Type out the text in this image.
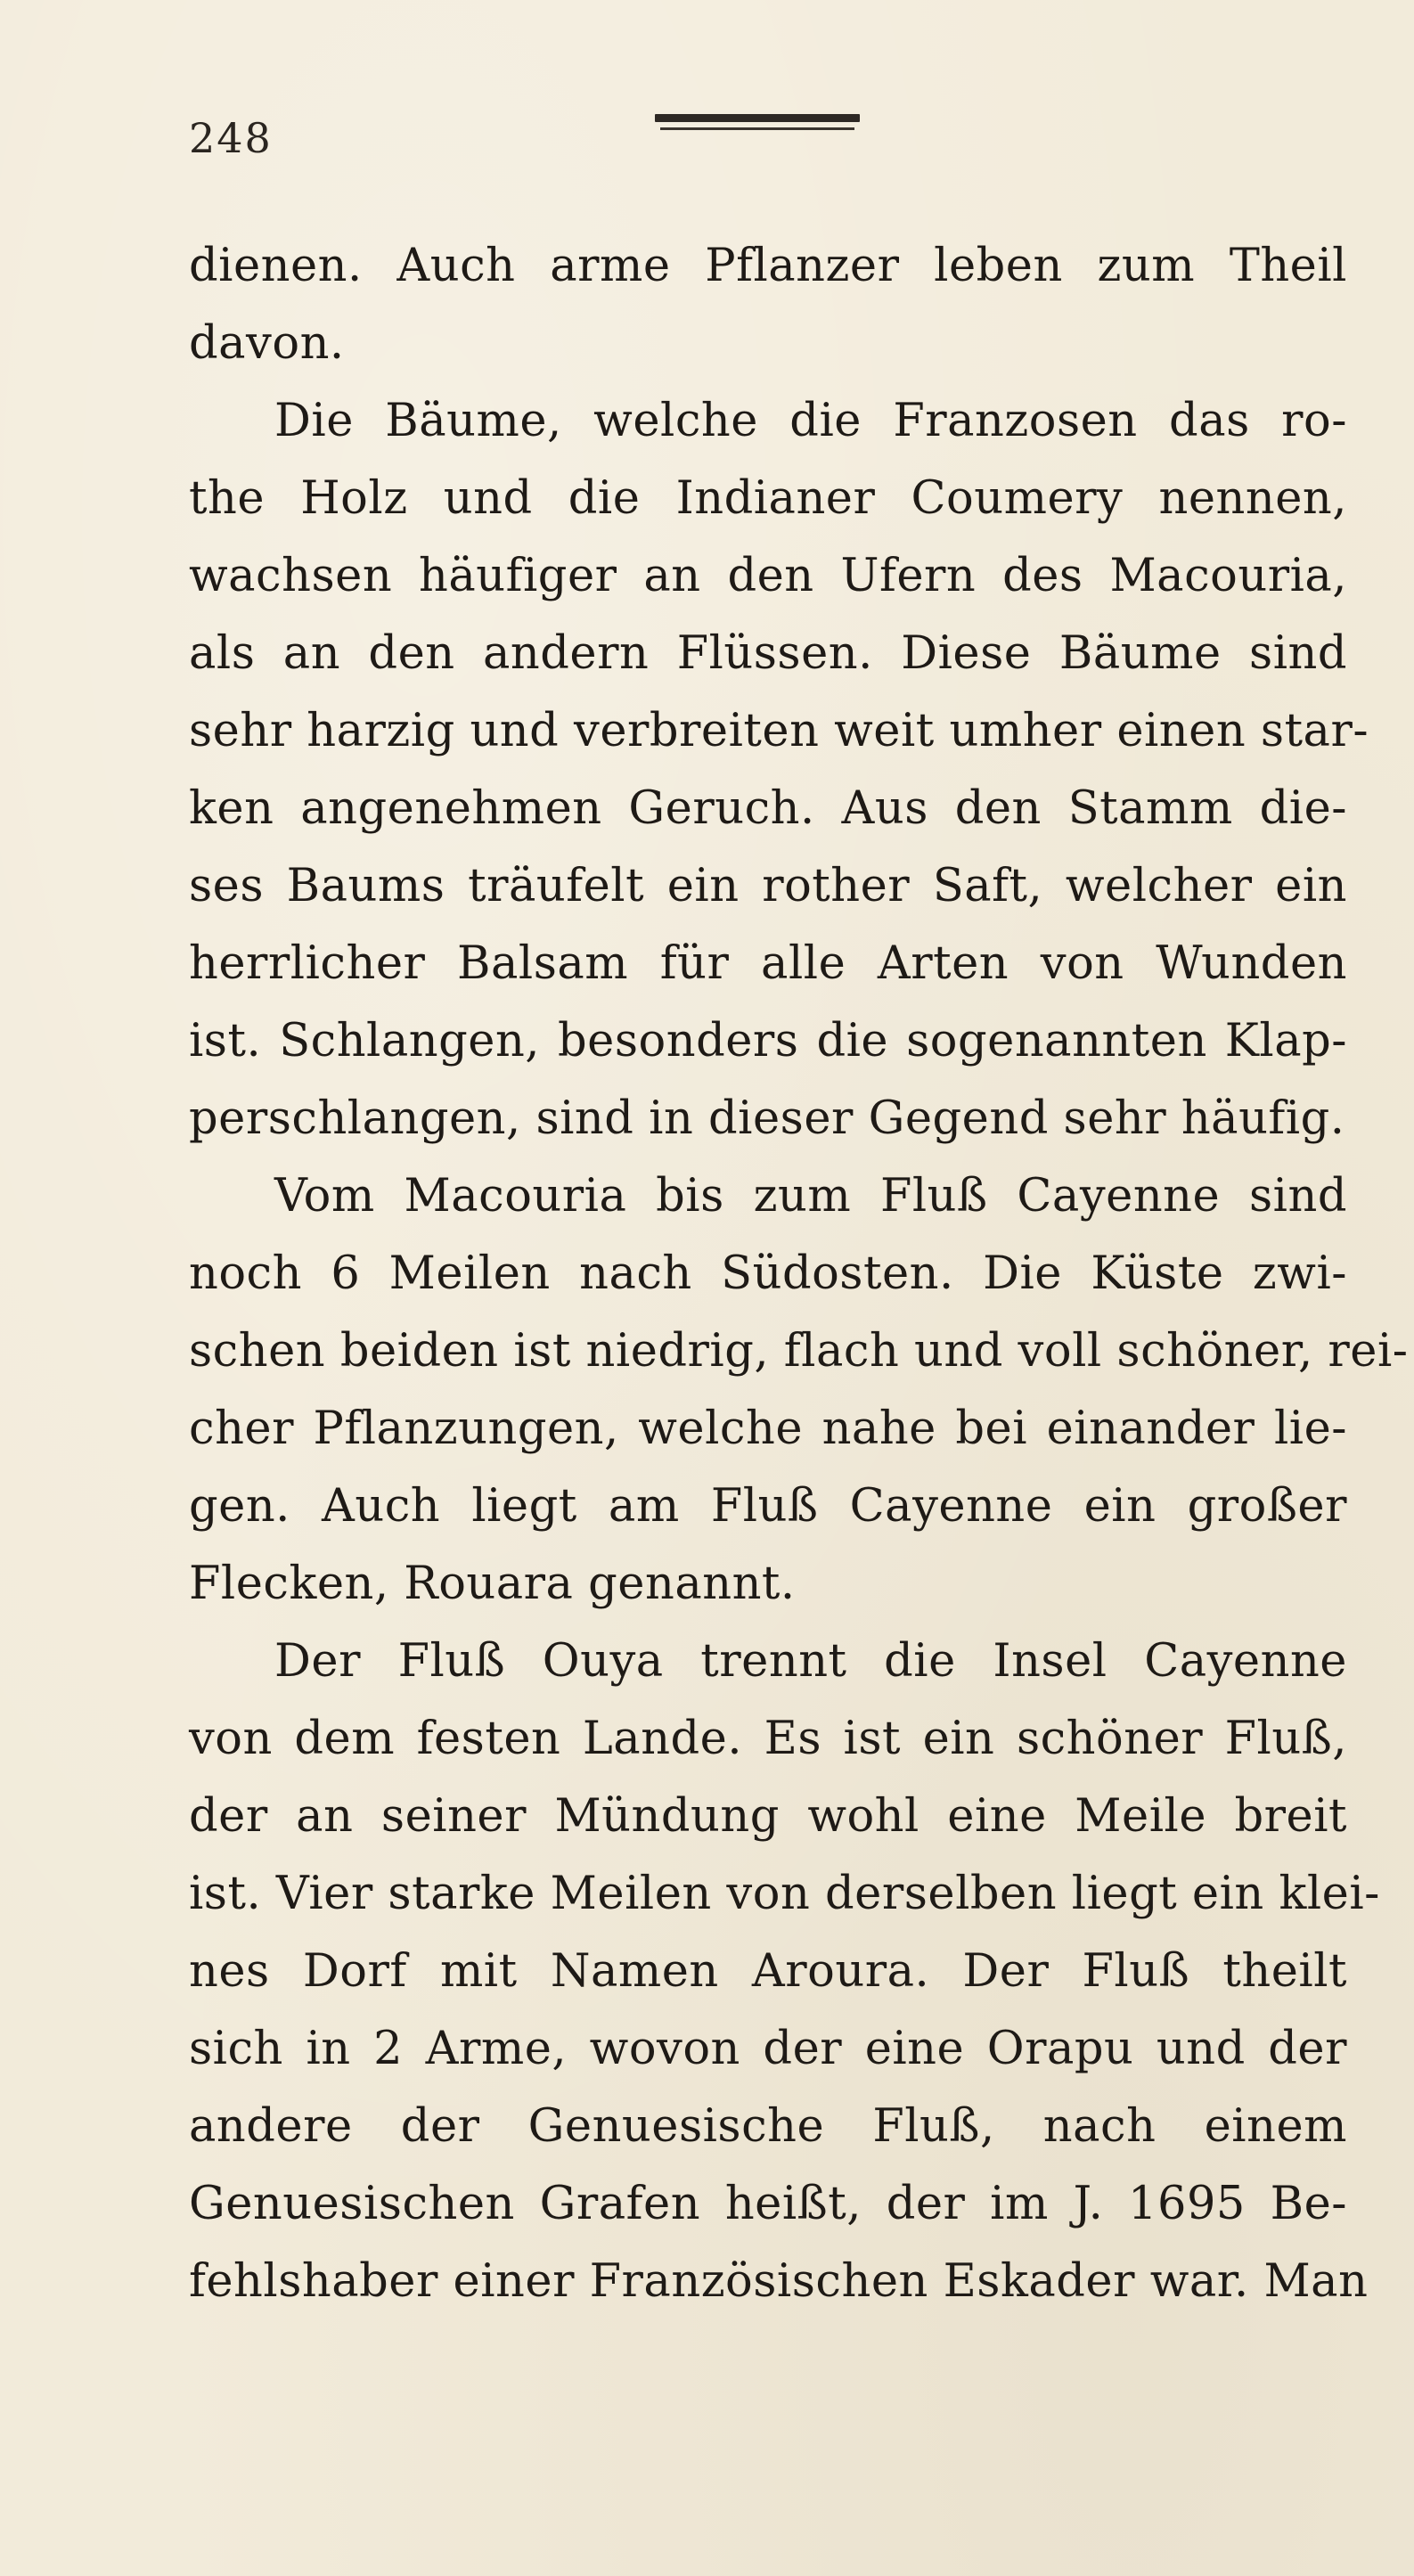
248
dienen. Auch arme Pflanzer leben zum Theil
davon.
Die Bäume, welche die Franzosen das ro-
the Holz und die Indianer Coumery nennen,
wachsen häufiger an den Ufern des Macouria,
als an den andern Flüssen. Diese Bäume sind
sehr harzig und verbreiten weit umher einen star-
ken angenehmen Geruch. Aus den Stamm die-
ses Baums träufelt ein rother Saft, welcher ein
herrlicher Balsam für alle Arten von Wunden
ist. Schlangen, besonders die sogenannten Klap-
perschlangen, sind in dieser Gegend sehr häufig.
Vom Macouria bis zum Fluß Cayenne sind
noch 6 Meilen nach Südosten. Die Küste zwi-
schen beiden ist niedrig, flach und voll schöner, rei-
cher Pflanzungen, welche nahe bei einander lie-
gen. Auch liegt am Fluß Cayenne ein großer
Flecken, Rouara genannt.
Der Fluß Ouya trennt die Insel Cayenne
von dem festen Lande. Es ist ein schöner Fluß,
der an seiner Mündung wohl eine Meile breit
ist. Vier starke Meilen von derselben liegt ein klei-
nes Dorf mit Namen Aroura. Der Fluß theilt
sich in 2 Arme, wovon der eine Orapu und der
andere der Genuesische Fluß, nach einem
Genuesischen Grafen heißt, der im J. 1695 Be-
fehlshaber einer Französischen Eskader war. Man
